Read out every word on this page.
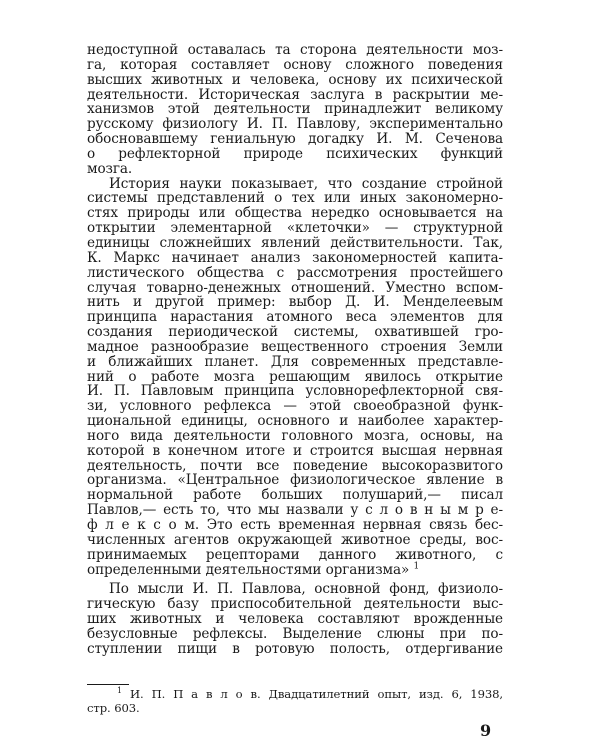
недоступной оставалась та сторона деятельности моз-
га, которая составляет основу сложного поведения
высших животных и человека, основу их психической
деятельности. Историческая заслуга в раскрытии ме-
ханизмов этой деятельности принадлежит великому
русскому физиологу И. П. Павлову, экспериментально
обосновавшему гениальную догадку И. М. Сеченова
о рефлекторной природе психических функций
мозга.
История науки показывает, что создание стройной
системы представлений о тех или иных закономерно-
стях природы или общества нередко основывается на
открытии элементарной «клеточки» — структурной
единицы сложнейших явлений действительности. Так,
К. Маркс начинает анализ закономерностей капита-
листического общества с рассмотрения простейшего
случая товарно-денежных отношений. Уместно вспом-
нить и другой пример: выбор Д. И. Менделеевым
принципа нарастания атомного веса элементов для
создания периодической системы, охватившей гро-
мадное разнообразие вещественного строения Земли
и ближайших планет. Для современных представле-
ний о работе мозга решающим явилось открытие
И. П. Павловым принципа условнорефлекторной свя-
зи, условного рефлекса — этой своеобразной функ-
циональной единицы, основного и наиболее характер-
ного вида деятельности головного мозга, основы, на
которой в конечном итоге и строится высшая нервная
деятельность, почти все поведение высокоразвитого
организма. «Центральное физиологическое явление в
нормальной работе больших полушарий,— писал
Павлов,— есть то, что мы назвали у с л о в н ы м р е-
ф л е к с о м. Это есть временная нервная связь бес-
численных агентов окружающей животное среды, вос-
принимаемых рецепторами данного животного, с
определенными деятельностями организма» $^1$
По мысли И. П. Павлова, основной фонд, физиоло-
гическую базу приспособительной деятельности выс-
ших животных и человека составляют врожденные
безусловные рефлексы. Выделение слюны при по-
ступлении пищи в ротовую полость, отдергивание
$^1$ И. П. П а в л о в. Двадцатилетний опыт, изд. 6, 1938,
стр. 603.
9
